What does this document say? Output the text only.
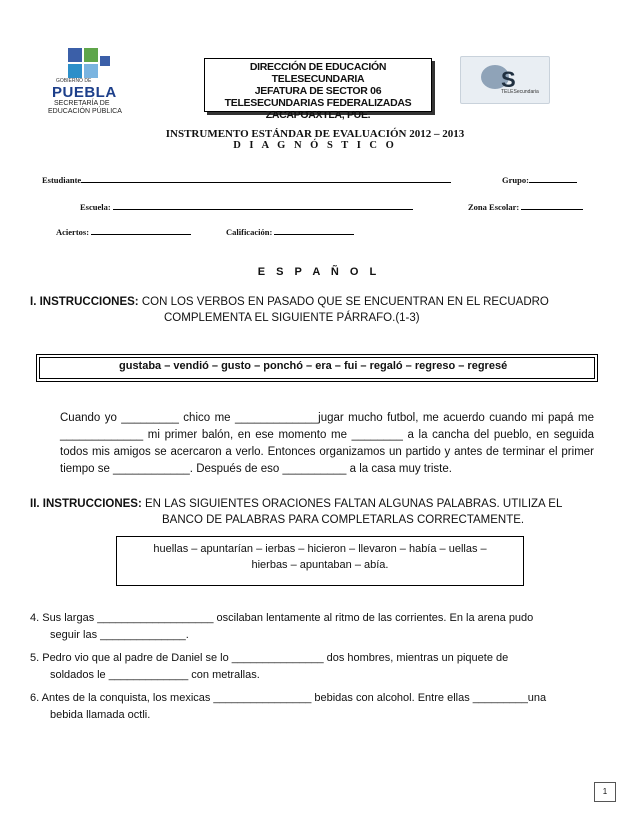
GOBIERNO DE
PUEBLA
SECRETARÍA DE
EDUCACIÓN PÚBLICA
DIRECCIÓN DE EDUCACIÓN TELESECUNDARIA
JEFATURA DE SECTOR 06
TELESECUNDARIAS FEDERALIZADAS
ZACAPOAXTLA, PUE.
S
TELESecundaria
INSTRUMENTO ESTÁNDAR DE EVALUACIÓN 2012 – 2013
D I A G N Ó S T I C O
Estudiante	Grupo:
Escuela:	Zona Escolar:
Aciertos:	Calificación:
E S P A Ñ O L
I. INSTRUCCIONES: CON LOS VERBOS EN PASADO QUE SE ENCUENTRAN EN EL RECUADRO
COMPLEMENTA EL SIGUIENTE PÁRRAFO.(1-3)
gustaba – vendió – gusto – ponchó – era – fui – regaló – regreso – regresé
Cuando yo _________ chico me _____________jugar mucho futbol, me acuerdo cuando mi papá me _____________ mi primer balón, en ese momento me ________ a la cancha del pueblo, en seguida todos mis amigos se acercaron a verlo. Entonces organizamos un partido y antes de terminar el primer tiempo se ____________. Después de eso __________ a la casa muy triste.
II. INSTRUCCIONES: EN LAS SIGUIENTES ORACIONES FALTAN ALGUNAS PALABRAS. UTILIZA EL
BANCO DE PALABRAS PARA COMPLETARLAS CORRECTAMENTE.
huellas – apuntarían – ierbas – hicieron – llevaron – había – uellas –
hierbas – apuntaban – abía.
4. Sus largas ___________________ oscilaban lentamente al ritmo de las corrientes. En la arena pudo
seguir las ______________.
5. Pedro vio que al padre de Daniel se lo _______________ dos hombres, mientras un piquete de
soldados le _____________ con metrallas.
6. Antes de la conquista, los mexicas ________________ bebidas con alcohol. Entre ellas _________una
bebida llamada octli.
1
